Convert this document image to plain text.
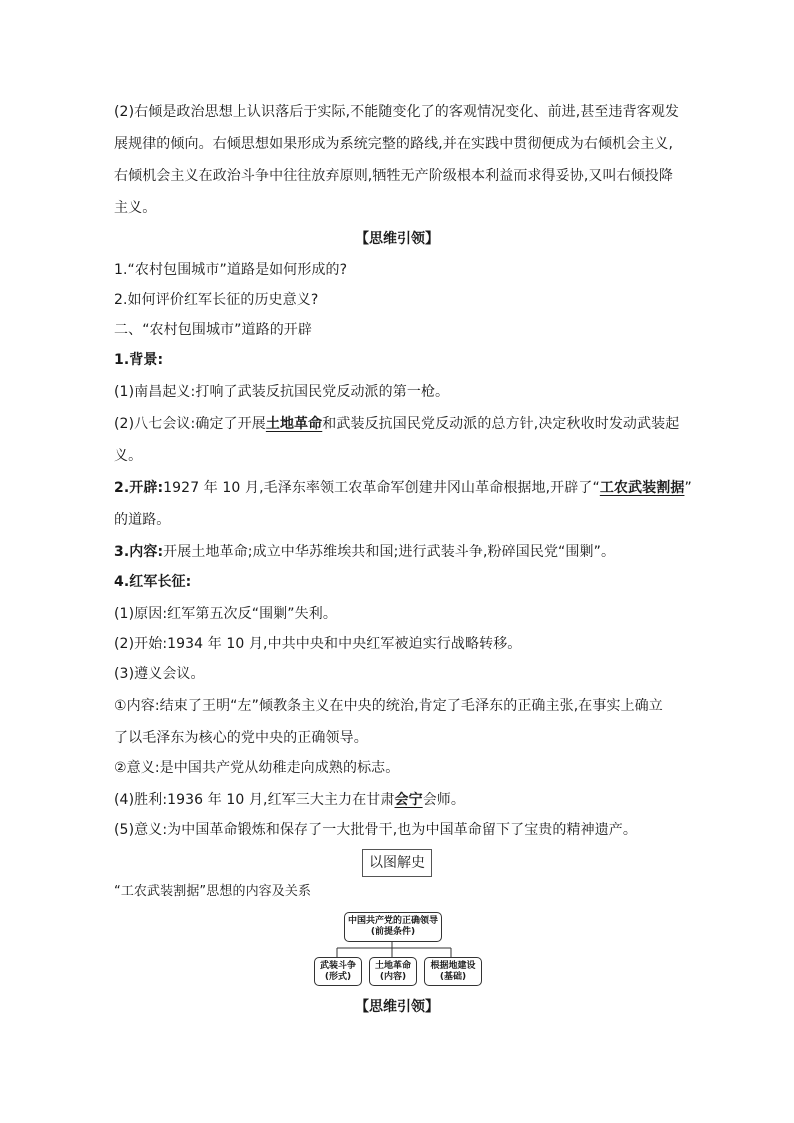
(2)右倾是政治思想上认识落后于实际,不能随变化了的客观情况变化、前进,甚至违背客观发

展规律的倾向。右倾思想如果形成为系统完整的路线,并在实践中贯彻便成为右倾机会主义,

右倾机会主义在政治斗争中往往放弃原则,牺牲无产阶级根本利益而求得妥协,又叫右倾投降

主义。

【思维引领】

1.“农村包围城市”道路是如何形成的?

2.如何评价红军长征的历史意义?

二、“农村包围城市”道路的开辟

1.背景:

(1)南昌起义:打响了武装反抗国民党反动派的第一枪。

(2)八七会议:确定了开展土地革命和武装反抗国民党反动派的总方针,决定秋收时发动武装起

义。

2.开辟:1927 年 10 月,毛泽东率领工农革命军创建井冈山革命根据地,开辟了“工农武装割据”

的道路。

3.内容:开展土地革命;成立中华苏维埃共和国;进行武装斗争,粉碎国民党“围剿”。

4.红军长征:

(1)原因:红军第五次反“围剿”失利。

(2)开始:1934 年 10 月,中共中央和中央红军被迫实行战略转移。

(3)遵义会议。

①内容:结束了王明“左”倾教条主义在中央的统治,肯定了毛泽东的正确主张,在事实上确立

了以毛泽东为核心的党中央的正确领导。

②意义:是中国共产党从幼稚走向成熟的标志。

(4)胜利:1936 年 10 月,红军三大主力在甘肃会宁会师。

(5)意义:为中国革命锻炼和保存了一大批骨干,也为中国革命留下了宝贵的精神遗产。

以图解史

“工农武装割据”思想的内容及关系

中国共产党的正确领导
(前提条件)
武装斗争
(形式)
土地革命
(内容)
根据地建设
(基础)
【思维引领】
